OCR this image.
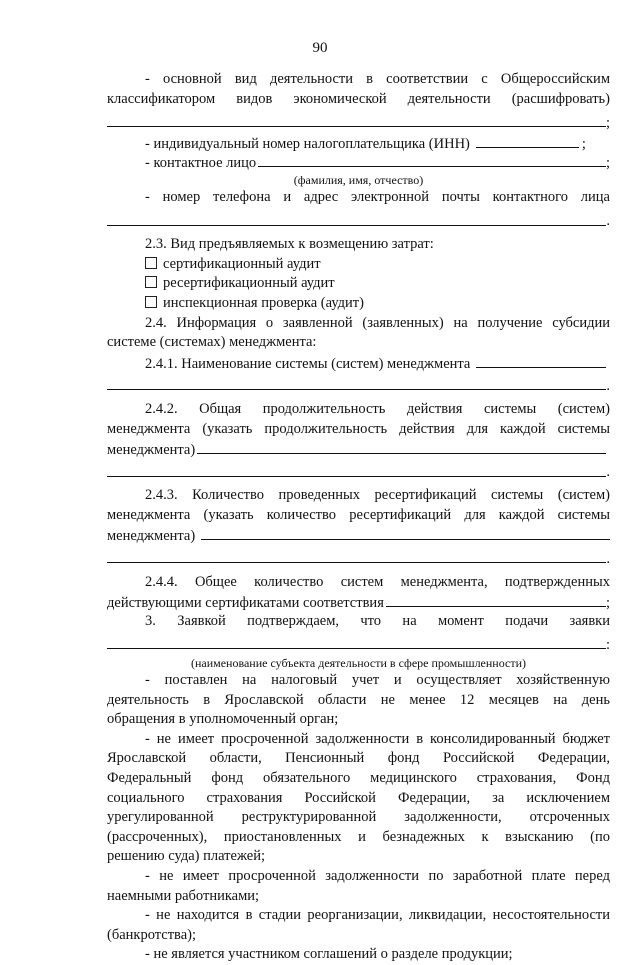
90
- основной вид деятельности в соответствии с Общероссийским
классификатором видов экономической деятельности (расшифровать)
;
- индивидуальный номер налогоплательщика (ИНН)	;
- контактное лицо	;
(фамилия, имя, отчество)
- номер телефона и адрес электронной почты контактного лица
.
2.3. Вид предъявляемых к возмещению затрат:
сертификационный аудит
ресертификационный аудит
инспекционная проверка (аудит)
2.4. Информация о заявленной (заявленных) на получение субсидии
системе (системах) менеджмента:
2.4.1. Наименование системы (систем) менеджмента
.
2.4.2. Общая продолжительность действия системы (систем)
менеджмента (указать продолжительность действия для каждой системы
менеджмента)
.
2.4.3. Количество проведенных ресертификаций системы (систем)
менеджмента (указать количество ресертификаций для каждой системы
менеджмента)
.
2.4.4. Общее количество систем менеджмента, подтвержденных
действующими сертификатами соответствия	;
3. Заявкой подтверждаем, что на момент подачи заявки
:
(наименование субъекта деятельности в сфере промышленности)
- поставлен на налоговый учет и осуществляет хозяйственную
деятельность в Ярославской области не менее 12 месяцев на день
обращения в уполномоченный орган;
- не имеет просроченной задолженности в консолидированный бюджет
Ярославской области, Пенсионный фонд Российской Федерации,
Федеральный фонд обязательного медицинского страхования, Фонд
социального страхования Российской Федерации, за исключением
урегулированной реструктурированной задолженности, отсроченных
(рассроченных), приостановленных и безнадежных к взысканию (по
решению суда) платежей;
- не имеет просроченной задолженности по заработной плате перед
наемными работниками;
- не находится в стадии реорганизации, ликвидации, несостоятельности
(банкротства);
- не является участником соглашений о разделе продукции;
